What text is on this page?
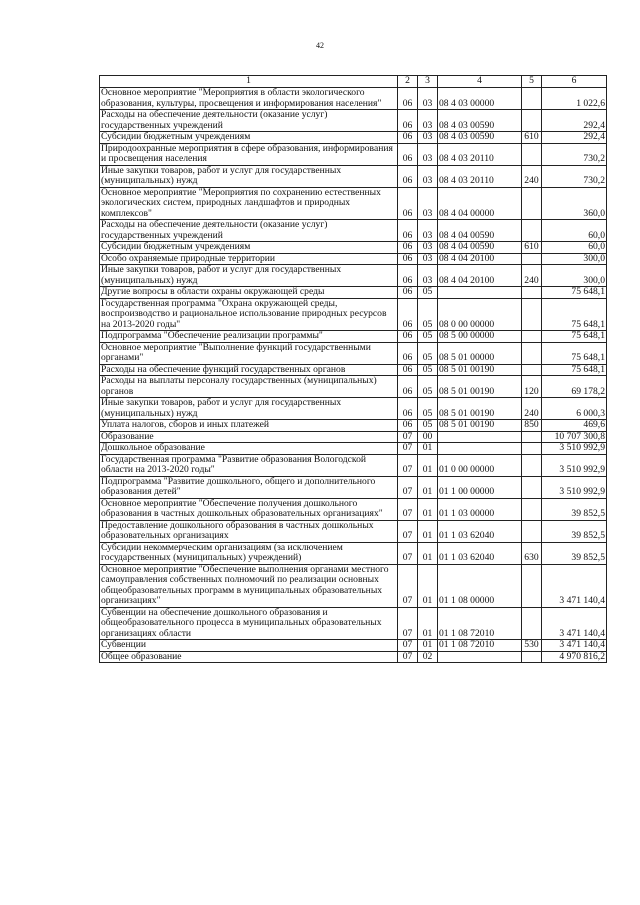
42
1	2	3	4	5	6
Основное мероприятие "Мероприятия в области экологического образования, культуры, просвещения и информирования населения"	06	03	08 4 03 00000		1 022,6
Расходы на обеспечение деятельности (оказание услуг) государственных учреждений	06	03	08 4 03 00590		292,4
Субсидии бюджетным учреждениям	06	03	08 4 03 00590	610	292,4
Природоохранные мероприятия в сфере образования, информирования и просвещения населения	06	03	08 4 03 20110		730,2
Иные закупки товаров, работ и услуг для государственных (муниципальных) нужд	06	03	08 4 03 20110	240	730,2
Основное мероприятие "Мероприятия по сохранению естественных экологических систем, природных ландшафтов и природных комплексов"	06	03	08 4 04 00000		360,0
Расходы на обеспечение деятельности (оказание услуг) государственных учреждений	06	03	08 4 04 00590		60,0
Субсидии бюджетным учреждениям	06	03	08 4 04 00590	610	60,0
Особо охраняемые природные территории	06	03	08 4 04 20100		300,0
Иные закупки товаров, работ и услуг для государственных (муниципальных) нужд	06	03	08 4 04 20100	240	300,0
Другие вопросы в области охраны окружающей среды	06	05			75 648,1
Государственная программа "Охрана окружающей среды, воспроизводство и рациональное использование природных ресурсов на 2013-2020 годы"	06	05	08 0 00 00000		75 648,1
Подпрограмма "Обеспечение реализации программы"	06	05	08 5 00 00000		75 648,1
Основное мероприятие "Выполнение функций государственными органами"	06	05	08 5 01 00000		75 648,1
Расходы на обеспечение функций государственных органов	06	05	08 5 01 00190		75 648,1
Расходы на выплаты персоналу государственных (муниципальных) органов	06	05	08 5 01 00190	120	69 178,2
Иные закупки товаров, работ и услуг для государственных (муниципальных) нужд	06	05	08 5 01 00190	240	6 000,3
Уплата налогов, сборов и иных платежей	06	05	08 5 01 00190	850	469,6
Образование	07	00			10 707 300,8
Дошкольное образование	07	01			3 510 992,9
Государственная программа "Развитие образования Вологодской области на 2013-2020 годы"	07	01	01 0 00 00000		3 510 992,9
Подпрограмма "Развитие дошкольного, общего и дополнительного образования детей"	07	01	01 1 00 00000		3 510 992,9
Основное мероприятие "Обеспечение получения дошкольного образования в частных дошкольных образовательных организациях"	07	01	01 1 03 00000		39 852,5
Предоставление дошкольного образования в частных дошкольных образовательных организациях	07	01	01 1 03 62040		39 852,5
Субсидии некоммерческим организациям (за исключением государственных (муниципальных) учреждений)	07	01	01 1 03 62040	630	39 852,5
Основное мероприятие "Обеспечение выполнения органами местного самоуправления собственных полномочий по реализации основных общеобразовательных программ в муниципальных образовательных организациях"	07	01	01 1 08 00000		3 471 140,4
Субвенции на обеспечение дошкольного образования и общеобразовательного процесса в муниципальных образовательных организациях области	07	01	01 1 08 72010		3 471 140,4
Субвенции	07	01	01 1 08 72010	530	3 471 140,4
Общее образование	07	02			4 970 816,2
